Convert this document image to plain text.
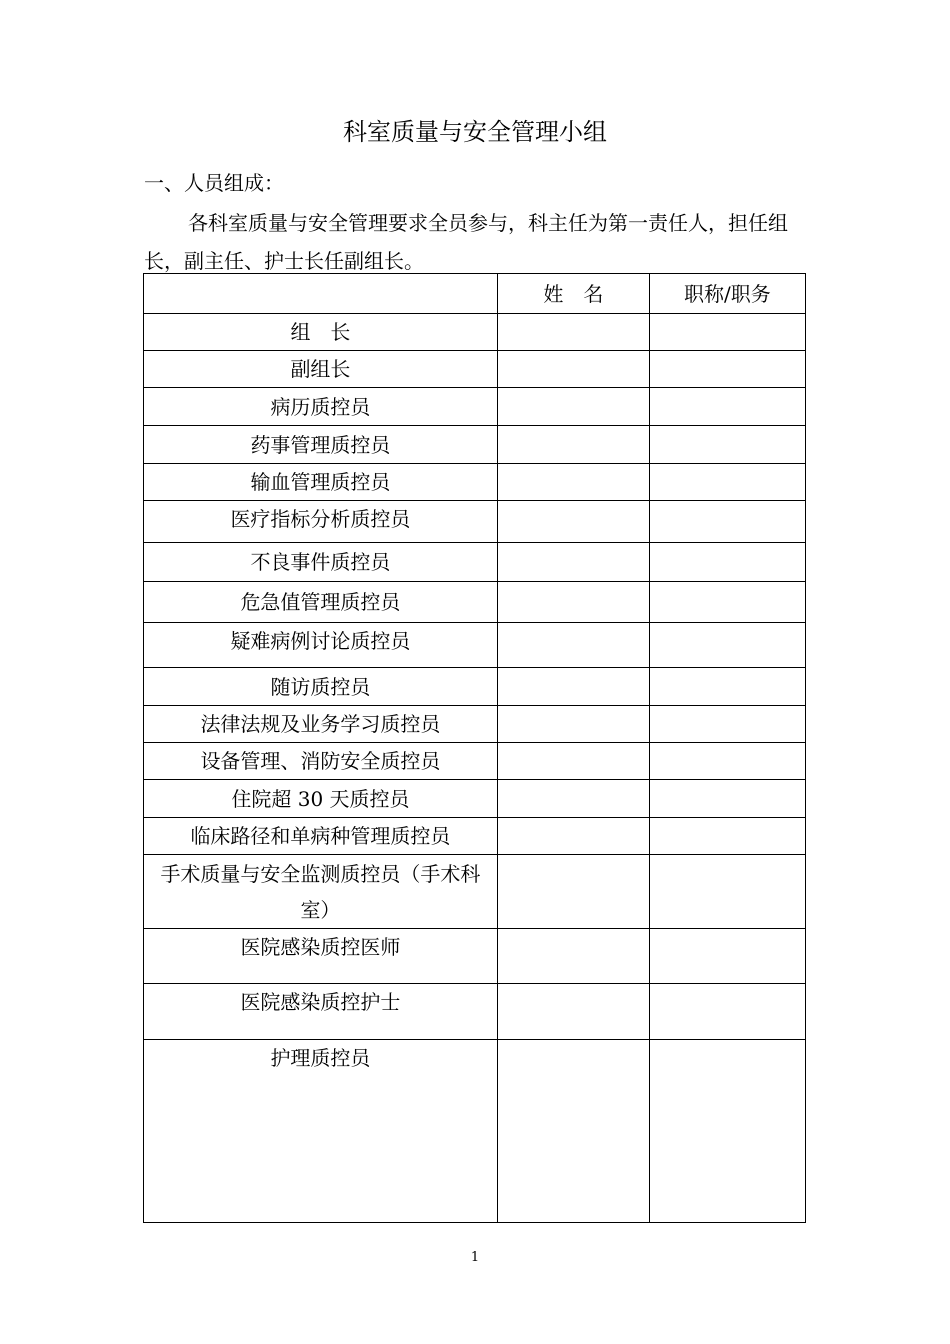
科室质量与安全管理小组
一、人员组成：
各科室质量与安全管理要求全员参与，科主任为第一责任人，担任组长，副主任、护士长任副组长。
	姓　名	职称/职务
组　长		
副组长		
病历质控员		
药事管理质控员		
输血管理质控员		
医疗指标分析质控员		
不良事件质控员		
危急值管理质控员		
疑难病例讨论质控员		
随访质控员		
法律法规及业务学习质控员		
设备管理、消防安全质控员		
住院超 30 天质控员		
临床路径和单病种管理质控员		
手术质量与安全监测质控员（手术科室）		
医院感染质控医师		
医院感染质控护士		
护理质控员		
1
